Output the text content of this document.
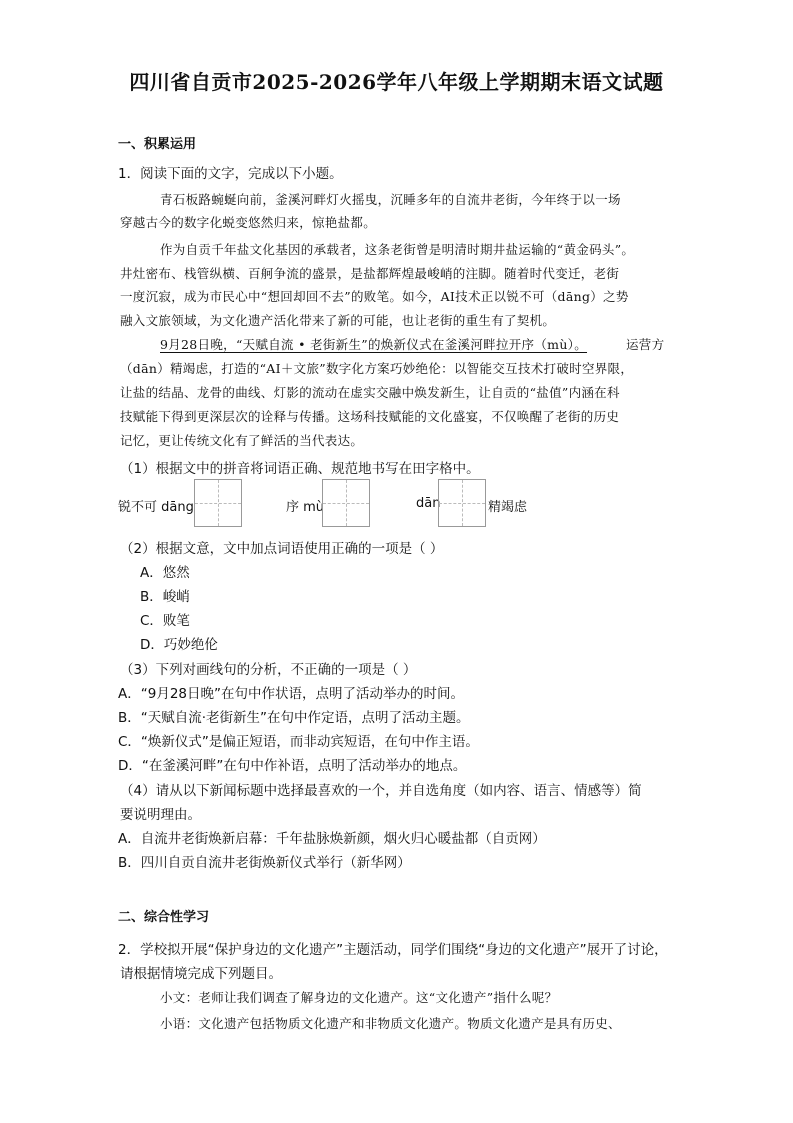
四川省自贡市2025-2026学年八年级上学期期末语文试题
一、积累运用
1．阅读下面的文字，完成以下小题。
青石板路蜿蜒向前，釜溪河畔灯火摇曳，沉睡多年的自流井老街，今年终于以一场
穿越古今的数字化蜕变悠然归来，惊艳盐都。
作为自贡千年盐文化基因的承载者，这条老街曾是明清时期井盐运输的“黄金码头”。
井灶密布、栈管纵横、百舸争流的盛景，是盐都辉煌最峻峭的注脚。随着时代变迁，老街
一度沉寂，成为市民心中“想回却回不去”的败笔。如今，AI技术正以锐不可（dāng）之势
融入文旅领域，为文化遗产活化带来了新的可能，也让老街的重生有了契机。
9月28日晚，“天赋自流 • 老街新生”的焕新仪式在釜溪河畔拉开序（mù）。	运营方
（dān）精竭虑，打造的“AI＋文旅”数字化方案巧妙绝伦：以智能交互技术打破时空界限，
让盐的结晶、龙骨的曲线、灯影的流动在虚实交融中焕发新生，让自贡的“盐值”内涵在科
技赋能下得到更深层次的诠释与传播。这场科技赋能的文化盛宴，不仅唤醒了老街的历史
记忆，更让传统文化有了鲜活的当代表达。
（1）根据文中的拼音将词语正确、规范地书写在田字格中。
锐不可 dāng	序 mù	dān	精竭虑
（2）根据文意，文中加点词语使用正确的一项是（ ）
A．悠然
B．峻峭
C．败笔
D．巧妙绝伦
（3）下列对画线句的分析，不正确的一项是（ ）
A．“9月28日晚”在句中作状语，点明了活动举办的时间。
B．“天赋自流·老街新生”在句中作定语，点明了活动主题。
C．“焕新仪式”是偏正短语，而非动宾短语，在句中作主语。
D．“在釜溪河畔”在句中作补语，点明了活动举办的地点。
（4）请从以下新闻标题中选择最喜欢的一个，并自选角度（如内容、语言、情感等）简
要说明理由。
A．自流井老街焕新启幕：千年盐脉焕新颜，烟火归心暖盐都（自贡网）
B．四川自贡自流井老街焕新仪式举行（新华网）
二、综合性学习
2．学校拟开展“保护身边的文化遗产”主题活动，同学们围绕“身边的文化遗产”展开了讨论，
请根据情境完成下列题目。
小文：老师让我们调查了解身边的文化遗产。这“文化遗产”指什么呢？
小语：文化遗产包括物质文化遗产和非物质文化遗产。物质文化遗产是具有历史、
